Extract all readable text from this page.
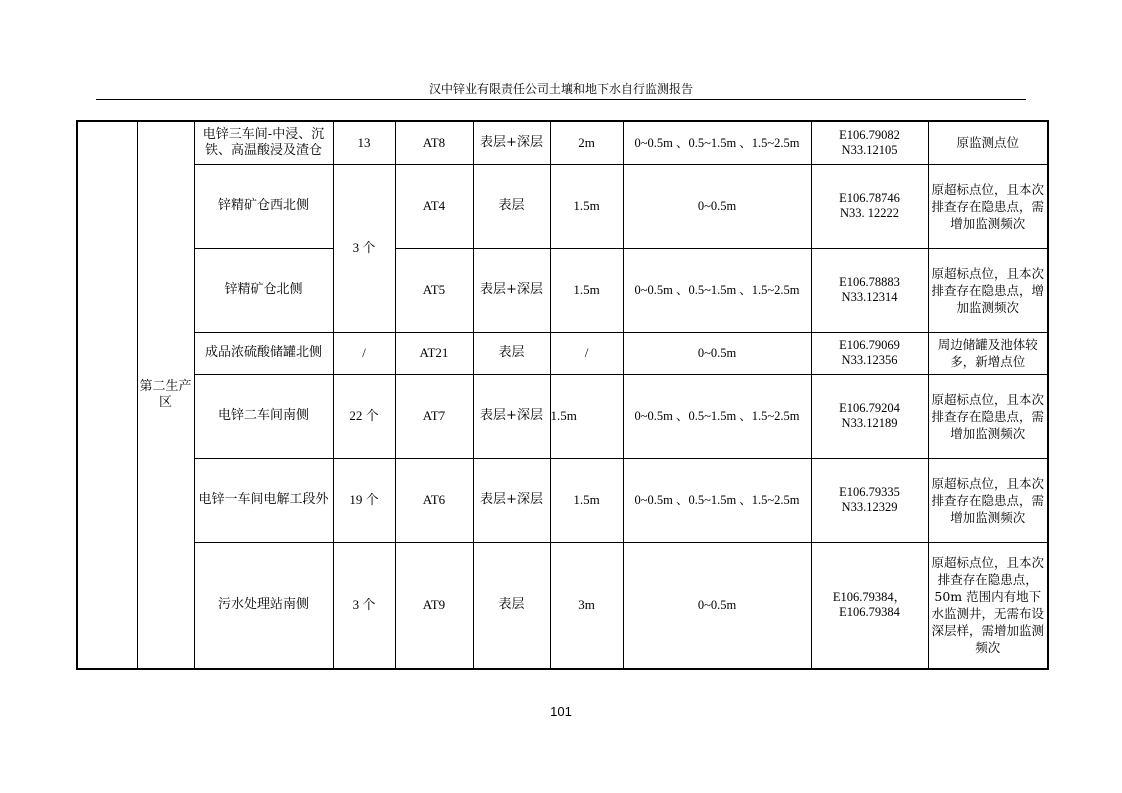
汉中锌业有限责任公司土壤和地下水自行监测报告
	第二生产区	电锌三车间-中浸、沉铁、高温酸浸及渣仓	13	AT8	表层+深层	2m	0~0.5m 、0.5~1.5m 、1.5~2.5m	E106.79082
N33.12105	原监测点位
		锌精矿仓西北侧	3 个	AT4	表层	1.5m	0~0.5m	E106.78746
N33. 12222	原超标点位，且本次排查存在隐患点，需增加监测频次
		锌精矿仓北侧		AT5	表层+深层	1.5m	0~0.5m 、0.5~1.5m 、1.5~2.5m	E106.78883
N33.12314	原超标点位，且本次排查存在隐患点，增加监测频次
		成品浓硫酸储罐北侧	/	AT21	表层	/	0~0.5m	E106.79069
N33.12356	周边储罐及池体较多，新增点位
		电锌二车间南侧	22 个	AT7	表层+深层	1.5m	0~0.5m 、0.5~1.5m 、1.5~2.5m	E106.79204
N33.12189	原超标点位，且本次排查存在隐患点，需增加监测频次
		电锌一车间电解工段外	19 个	AT6	表层+深层	1.5m	0~0.5m 、0.5~1.5m 、1.5~2.5m	E106.79335
N33.12329	原超标点位，且本次排查存在隐患点，需增加监测频次
		污水处理站南侧	3 个	AT9	表层	3m	0~0.5m	E106.79384，
E106.79384	原超标点位，且本次排查存在隐患点，50m 范围内有地下水监测井，无需布设深层样，需增加监测频次
101
